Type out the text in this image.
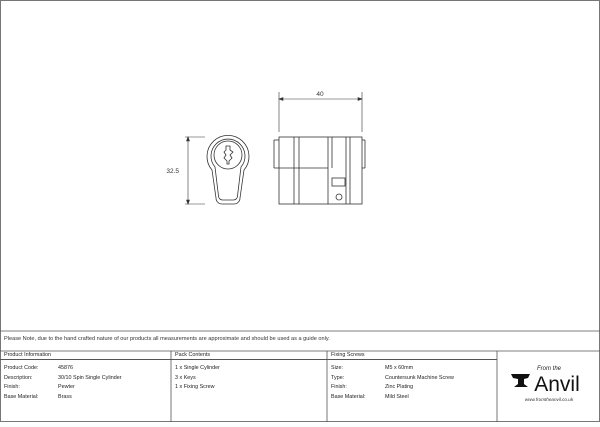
32.5
40
Please Note, due to the hand crafted nature of our products all measurements are approximate and should be used as a guide only.
Product Information
Product Code:	45876
Description:	30/10 Spin Single Cylinder
Finish:	Pewter
Base Material:	Brass
Pack Contents
1 x Single Cylinder
3 x Keys
1 x Fixing Screw
Fixing Screws
Size:	M5 x 60mm
Type:	Countersunk Machine Screw
Finish:	Zinc Plating
Base Material:	Mild Steel
From the
Anvil
www.fromtheanvil.co.uk
